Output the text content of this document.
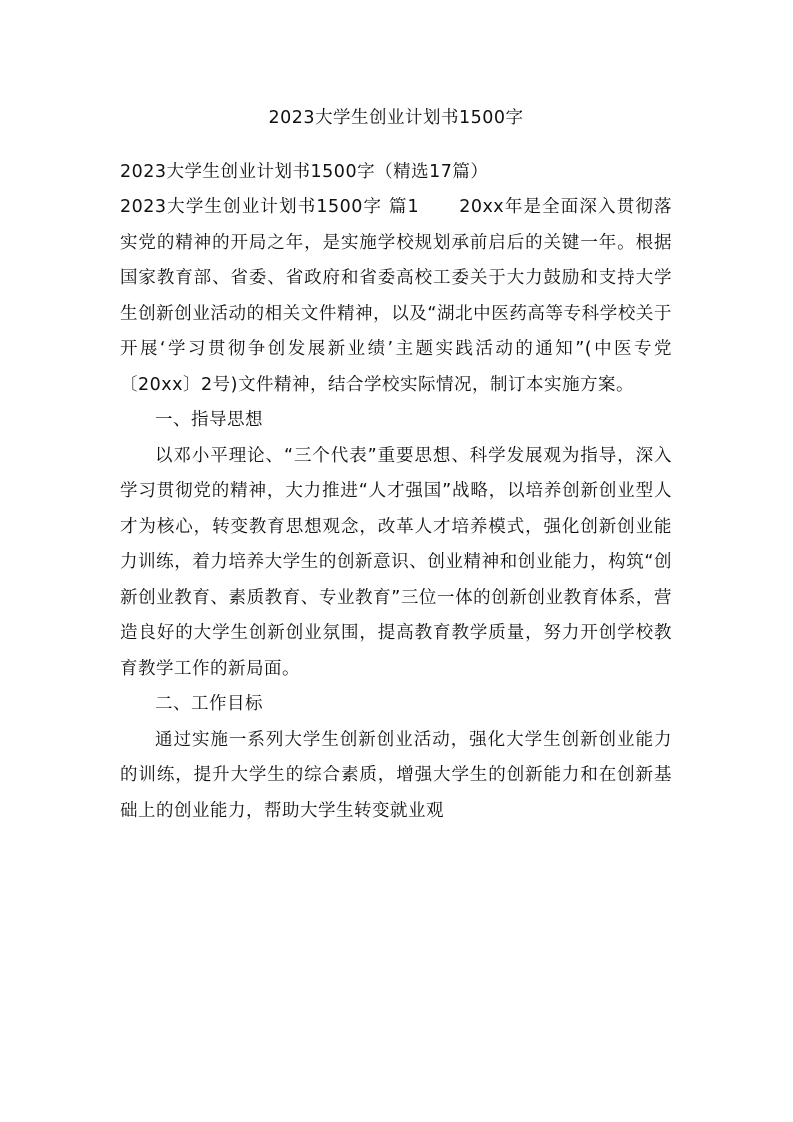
2023大学生创业计划书1500字

2023大学生创业计划书1500字（精选17篇）

2023大学生创业计划书1500字 篇1 20xx年是全面深入贯彻落实党的精神的开局之年，是实施学校规划承前启后的关键一年。根据国家教育部、省委、省政府和省委高校工委关于大力鼓励和支持大学生创新创业活动的相关文件精神，以及“湖北中医药高等专科学校关于开展‘学习贯彻争创发展新业绩’主题实践活动的通知”(中医专党〔20xx〕2号)文件精神，结合学校实际情况，制订本实施方案。

一、指导思想

以邓小平理论、“三个代表”重要思想、科学发展观为指导，深入学习贯彻党的精神，大力推进“人才强国”战略，以培养创新创业型人才为核心，转变教育思想观念，改革人才培养模式，强化创新创业能力训练，着力培养大学生的创新意识、创业精神和创业能力，构筑“创新创业教育、素质教育、专业教育”三位一体的创新创业教育体系，营造良好的大学生创新创业氛围，提高教育教学质量，努力开创学校教育教学工作的新局面。

二、工作目标

通过实施一系列大学生创新创业活动，强化大学生创新创业能力的训练，提升大学生的综合素质，增强大学生的创新能力和在创新基础上的创业能力，帮助大学生转变就业观
